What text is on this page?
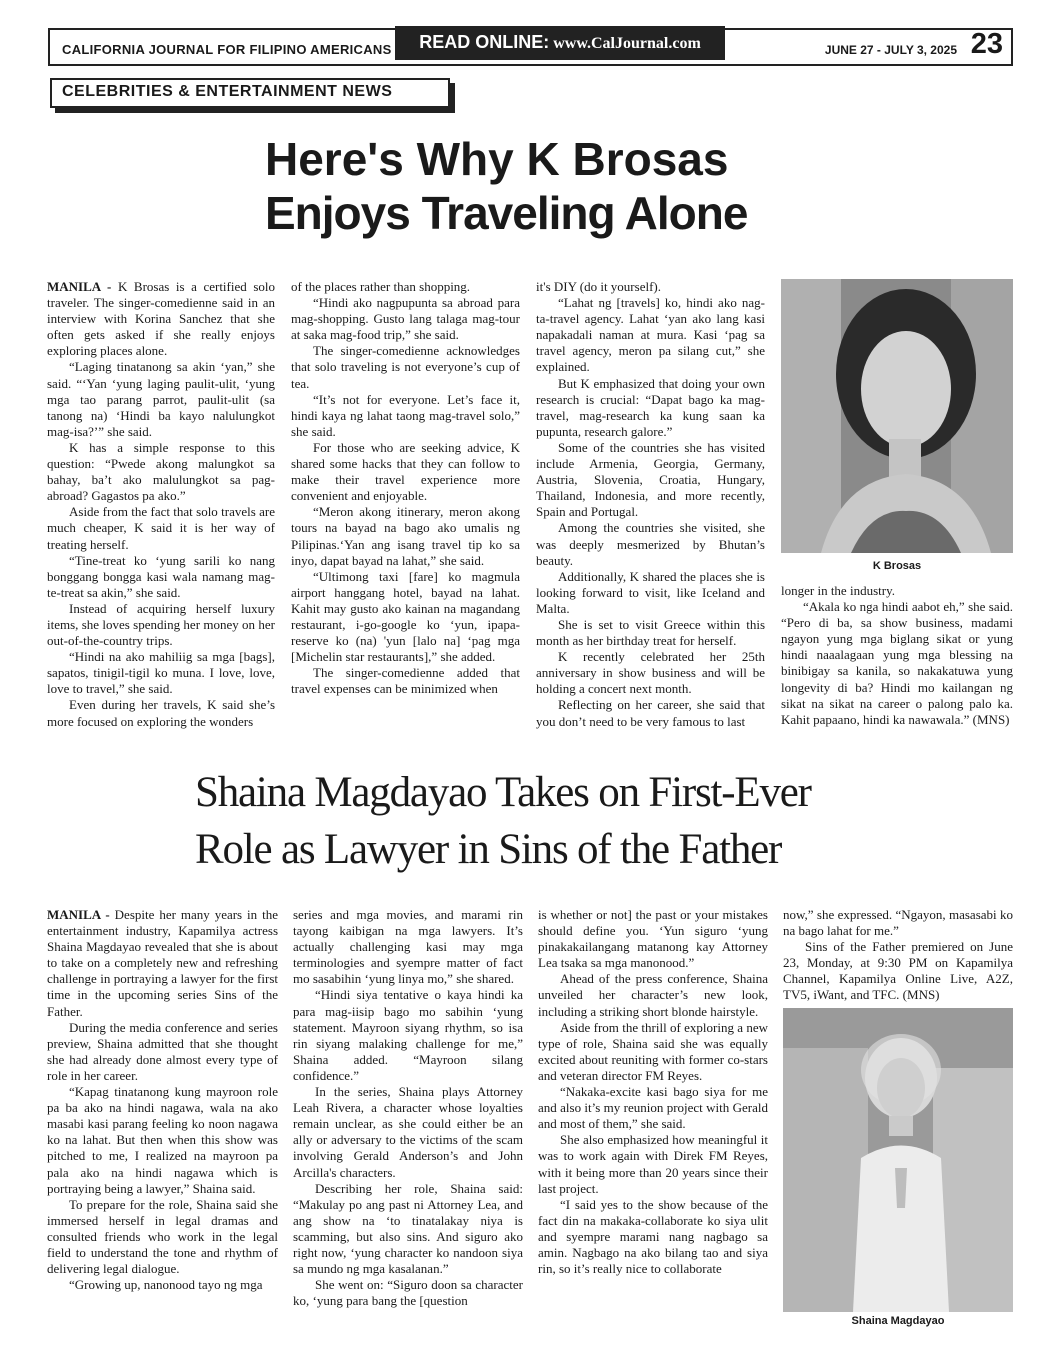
CALIFORNIA JOURNAL FOR FILIPINO AMERICANS	READ ONLINE: www.CalJournal.com	JUNE 27 - JULY 3, 2025 23
CELEBRITIES & ENTERTAINMENT NEWS
Here's Why K Brosas
Enjoys Traveling Alone

MANILA - K Brosas is a certified solo traveler. The singer-comedienne said in an interview with Korina Sanchez that she often gets asked if she really enjoys exploring places alone.

“Laging tinatanong sa akin ‘yan,” she said. “‘Yan ‘yung laging paulit-ulit, ‘yung mga tao parang parrot, paulit-ulit (sa tanong na) ‘Hindi ba kayo nalulungkot mag-isa?’” she said.

K has a simple response to this question: “Pwede akong malungkot sa bahay, ba’t ako malulungkot sa pag-abroad? Gagastos pa ako.”

Aside from the fact that solo travels are much cheaper, K said it is her way of treating herself.

“Tine-treat ko ‘yung sarili ko nang bonggang bongga kasi wala namang mag-te-treat sa akin,” she said.

Instead of acquiring herself luxury items, she loves spending her money on her out-of-the-country trips.

“Hindi na ako mahiliig sa mga [bags], sapatos, tinigil-tigil ko muna. I love, love, love to travel,” she said.

Even during her travels, K said she’s more focused on exploring the wonders

of the places rather than shopping.

“Hindi ako nagpupunta sa abroad para mag-shopping. Gusto lang talaga mag-tour at saka mag-food trip,” she said.

The singer-comedienne acknowledges that solo traveling is not everyone’s cup of tea.

“It’s not for everyone. Let’s face it, hindi kaya ng lahat taong mag-travel solo,” she said.

For those who are seeking advice, K shared some hacks that they can follow to make their travel experience more convenient and enjoyable.

“Meron akong itinerary, meron akong tours na bayad na bago ako umalis ng Pilipinas.‘Yan ang isang travel tip ko sa inyo, dapat bayad na lahat,” she said.

“Ultimong taxi [fare] ko magmula airport hanggang hotel, bayad na lahat. Kahit may gusto ako kainan na magandang restaurant, i-go-google ko ‘yun, ipapa-reserve ko (na) 'yun [lalo na] ‘pag mga [Michelin star restaurants],” she added.

The singer-comedienne added that travel expenses can be minimized when

it's DIY (do it yourself).

“Lahat ng [travels] ko, hindi ako nag-ta-travel agency. Lahat ‘yan ako lang kasi napakadali naman at mura. Kasi ‘pag sa travel agency, meron pa silang cut,” she explained.

But K emphasized that doing your own research is crucial: “Dapat bago ka mag-travel, mag-research ka kung saan ka pupunta, research galore.”

Some of the countries she has visited include Armenia, Georgia, Germany, Austria, Slovenia, Croatia, Hungary, Thailand, Indonesia, and more recently, Spain and Portugal.

Among the countries she visited, she was deeply mesmerized by Bhutan’s beauty.

Additionally, K shared the places she is looking forward to visit, like Iceland and Malta.

She is set to visit Greece within this month as her birthday treat for herself.

K recently celebrated her 25th anniversary in show business and will be holding a concert next month.

Reflecting on her career, she said that you don’t need to be very famous to last

K Brosas

longer in the industry.

“Akala ko nga hindi aabot eh,” she said. “Pero di ba, sa show business, madami ngayon yung mga biglang sikat or yung hindi naaalagaan yung mga blessing na binibigay sa kanila, so nakakatuwa yung longevity di ba? Hindi mo kailangan ng sikat na sikat na career o palong palo ka. Kahit papaano, hindi ka nawawala.” (MNS)

Shaina Magdayao Takes on First-Ever
Role as Lawyer in Sins of the Father

MANILA - Despite her many years in the entertainment industry, Kapamilya actress Shaina Magdayao revealed that she is about to take on a completely new and refreshing challenge in portraying a lawyer for the first time in the upcoming series Sins of the Father.

During the media conference and series preview, Shaina admitted that she thought she had already done almost every type of role in her career.

“Kapag tinatanong kung mayroon role pa ba ako na hindi nagawa, wala na ako masabi kasi parang feeling ko noon nagawa ko na lahat. But then when this show was pitched to me, I realized na mayroon pa pala ako na hindi nagawa which is portraying being a lawyer,” Shaina said.

To prepare for the role, Shaina said she immersed herself in legal dramas and consulted friends who work in the legal field to understand the tone and rhythm of delivering legal dialogue.

“Growing up, nanonood tayo ng mga

series and mga movies, and marami rin tayong kaibigan na mga lawyers. It’s actually challenging kasi may mga terminologies and syempre matter of fact mo sasabihin ‘yung linya mo,” she shared.

“Hindi siya tentative o kaya hindi ka para mag-iisip bago mo sabihin ‘yung statement. Mayroon siyang rhythm, so isa rin siyang malaking challenge for me,” Shaina added. “Mayroon silang confidence.”

In the series, Shaina plays Attorney Leah Rivera, a character whose loyalties remain unclear, as she could either be an ally or adversary to the victims of the scam involving Gerald Anderson’s and John Arcilla's characters.

Describing her role, Shaina said: “Makulay po ang past ni Attorney Lea, and ang show na ‘to tinatalakay niya is scamming, but also sins. And siguro ako right now, ‘yung character ko nandoon siya sa mundo ng mga kasalanan.”

She went on: “Siguro doon sa character ko, ‘yung para bang the [question

is whether or not] the past or your mistakes should define you. ‘Yun siguro ‘yung pinakakailangang matanong kay Attorney Lea tsaka sa mga manonood.”

Ahead of the press conference, Shaina unveiled her character’s new look, including a striking short blonde hairstyle.

Aside from the thrill of exploring a new type of role, Shaina said she was equally excited about reuniting with former co-stars and veteran director FM Reyes.

“Nakaka-excite kasi bago siya for me and also it’s my reunion project with Gerald and most of them,” she said.

She also emphasized how meaningful it was to work again with Direk FM Reyes, with it being more than 20 years since their last project.

“I said yes to the show because of the fact din na makaka-collaborate ko siya ulit and syempre marami nang nagbago sa amin. Nagbago na ako bilang tao and siya rin, so it’s really nice to collaborate

now,” she expressed. “Ngayon, masasabi ko na bago lahat for me.”

Sins of the Father premiered on June 23, Monday, at 9:30 PM on Kapamilya Channel, Kapamilya Online Live, A2Z, TV5, iWant, and TFC. (MNS)

Shaina Magdayao
